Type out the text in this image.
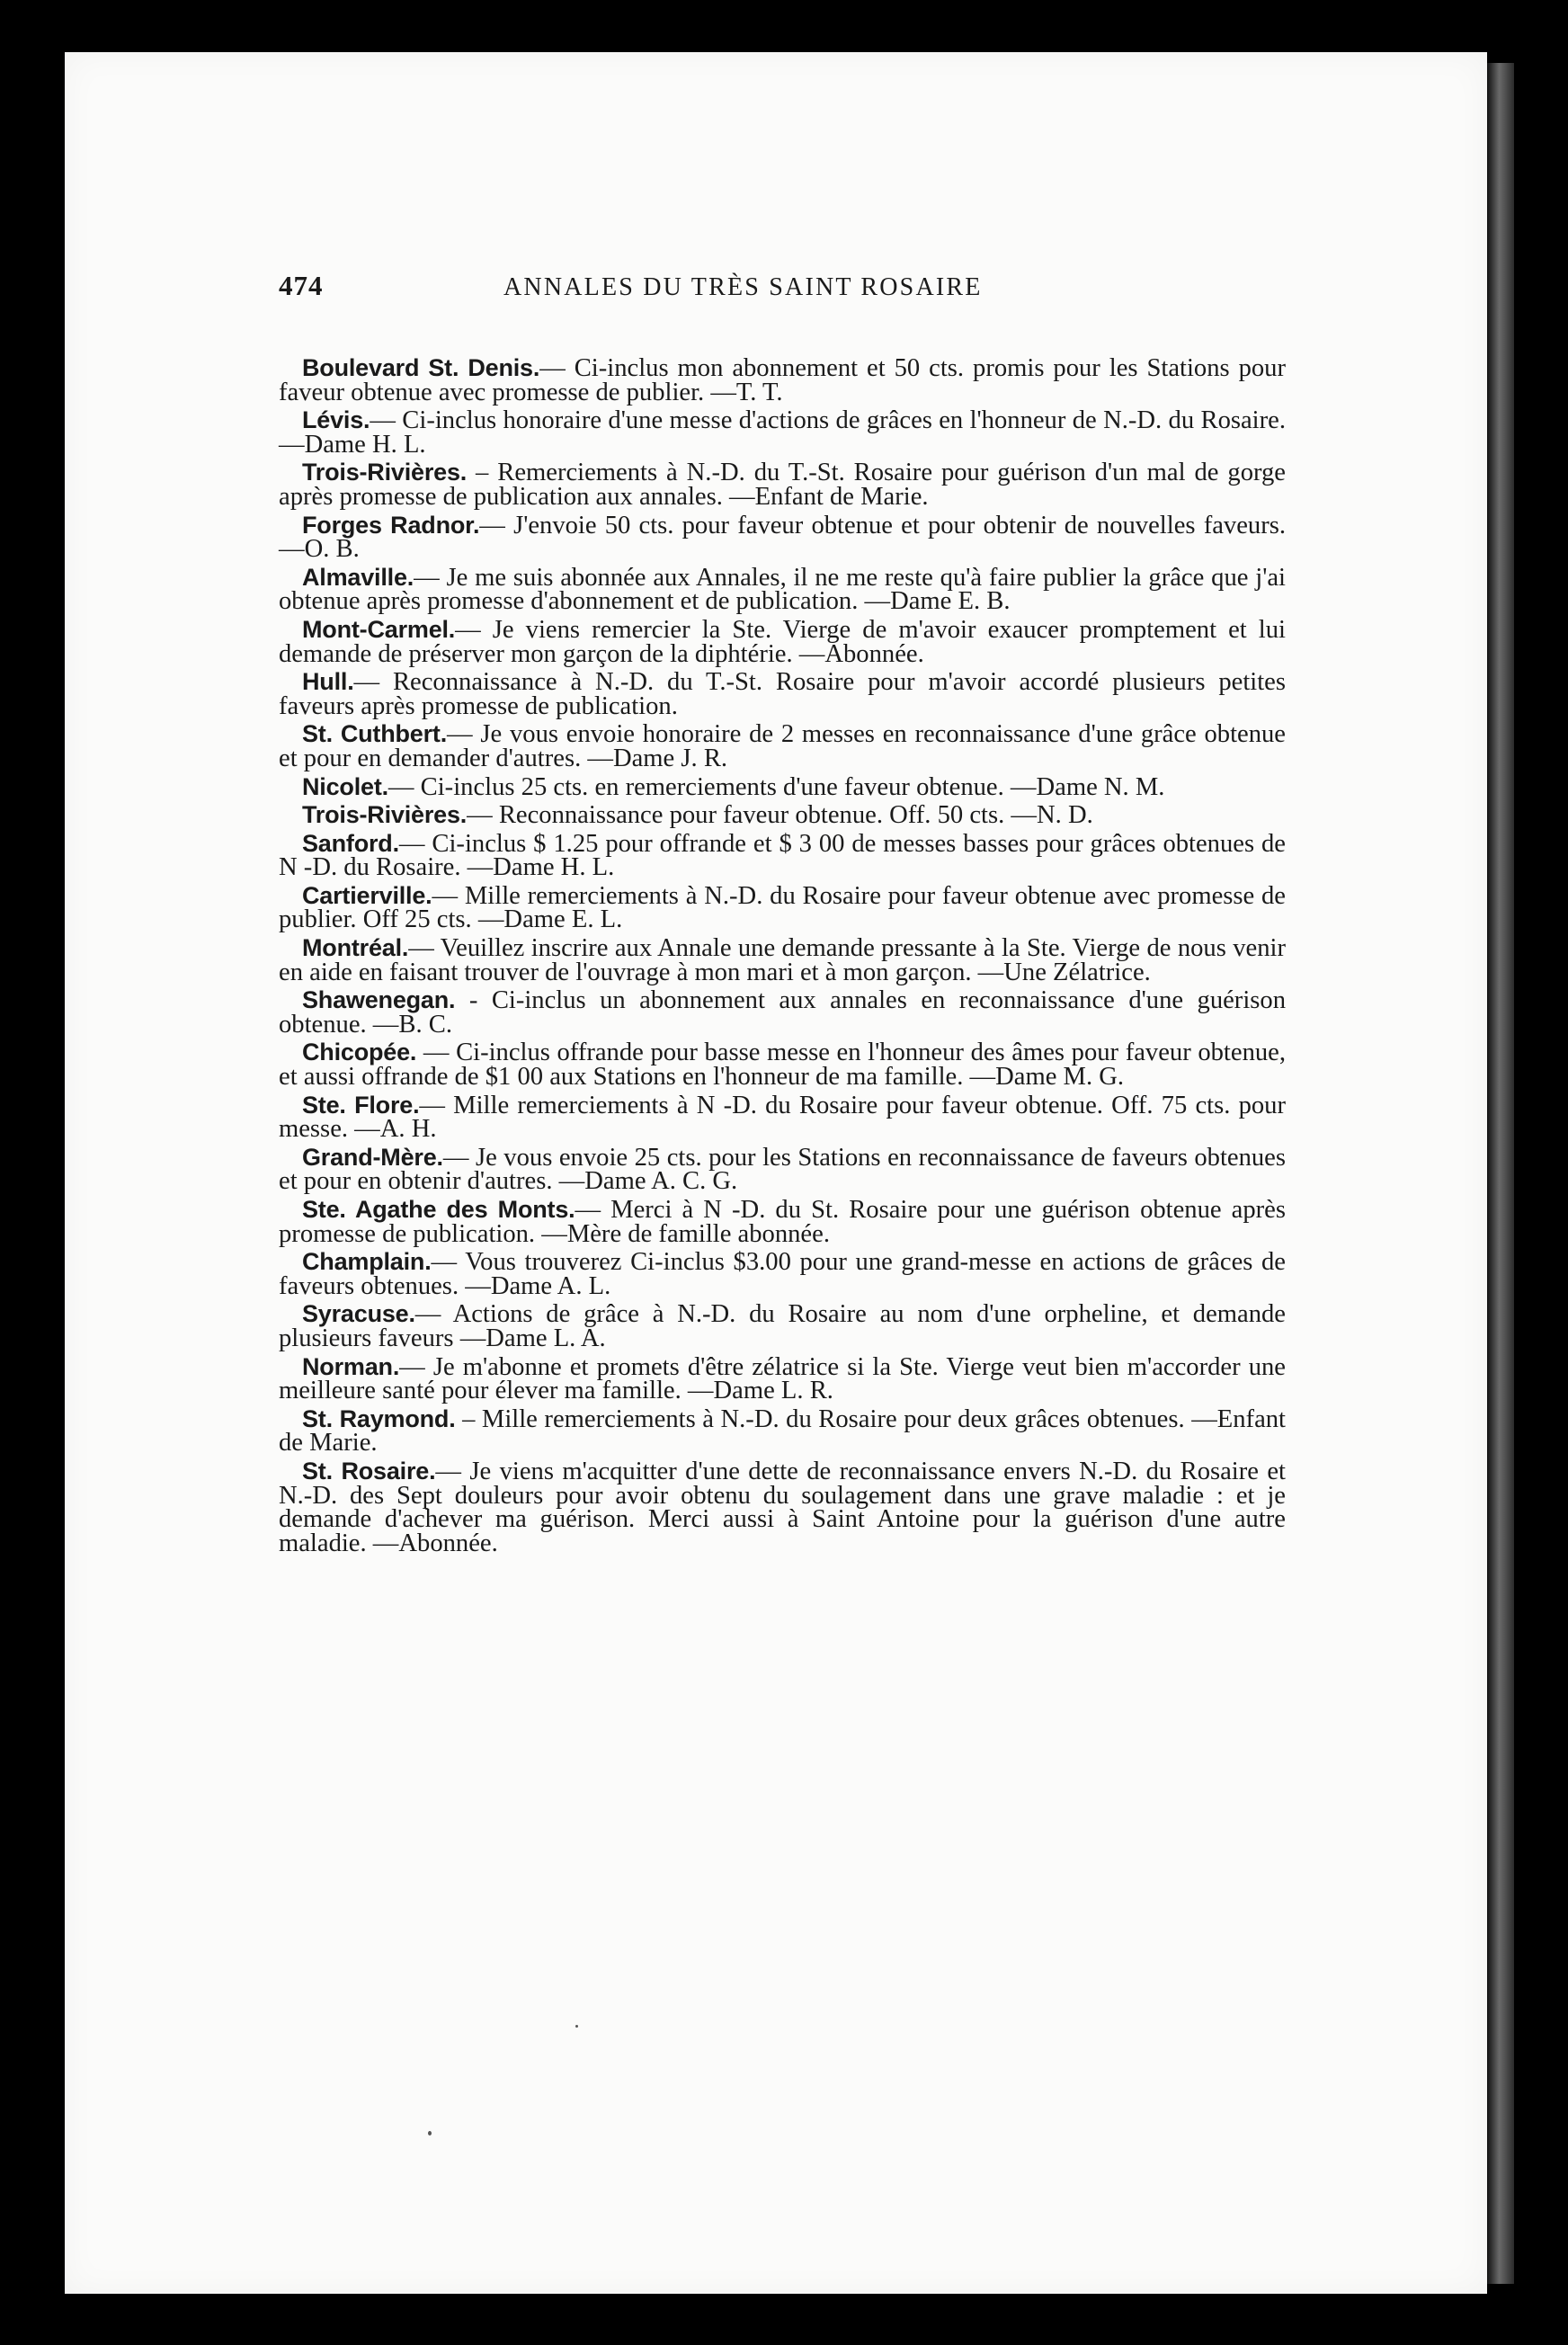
474	ANNALES DU TRÈS SAINT ROSAIRE

Boulevard St. Denis.— Ci-inclus mon abonnement et 50 cts. promis pour les Stations pour faveur obtenue avec promesse de publier. —T. T.

Lévis.— Ci-inclus honoraire d'une messe d'actions de grâces en l'honneur de N.-D. du Rosaire. —Dame H. L.

Trois-Rivières. – Remerciements à N.-D. du T.-St. Rosaire pour guérison d'un mal de gorge après promesse de publication aux annales. —Enfant de Marie.

Forges Radnor.— J'envoie 50 cts. pour faveur obtenue et pour obtenir de nouvelles faveurs. —O. B.

Almaville.— Je me suis abonnée aux Annales, il ne me reste qu'à faire publier la grâce que j'ai obtenue après promesse d'abonnement et de publication. —Dame E. B.

Mont-Carmel.— Je viens remercier la Ste. Vierge de m'avoir exaucer promptement et lui demande de préserver mon garçon de la diphtérie. —Abonnée.

Hull.— Reconnaissance à N.-D. du T.-St. Rosaire pour m'avoir accordé plusieurs petites faveurs après promesse de publication.

St. Cuthbert.— Je vous envoie honoraire de 2 messes en reconnaissance d'une grâce obtenue et pour en demander d'autres. —Dame J. R.

Nicolet.— Ci-inclus 25 cts. en remerciements d'une faveur obtenue. —Dame N. M.

Trois-Rivières.— Reconnaissance pour faveur obtenue. Off. 50 cts. —N. D.

Sanford.— Ci-inclus $ 1.25 pour offrande et $ 3 00 de messes basses pour grâces obtenues de N -D. du Rosaire. —Dame H. L.

Cartierville.— Mille remerciements à N.-D. du Rosaire pour faveur obtenue avec promesse de publier. Off 25 cts. —Dame E. L.

Montréal.— Veuillez inscrire aux Annale une demande pressante à la Ste. Vierge de nous venir en aide en faisant trouver de l'ouvrage à mon mari et à mon garçon. —Une Zélatrice.

Shawenegan. - Ci-inclus un abonnement aux annales en reconnaissance d'une guérison obtenue. —B. C.

Chicopée. — Ci-inclus offrande pour basse messe en l'honneur des âmes pour faveur obtenue, et aussi offrande de $1 00 aux Stations en l'honneur de ma famille. —Dame M. G.

Ste. Flore.— Mille remerciements à N -D. du Rosaire pour faveur obtenue. Off. 75 cts. pour messe. —A. H.

Grand-Mère.— Je vous envoie 25 cts. pour les Stations en reconnaissance de faveurs obtenues et pour en obtenir d'autres. —Dame A. C. G.

Ste. Agathe des Monts.— Merci à N -D. du St. Rosaire pour une guérison obtenue après promesse de publication. —Mère de famille abonnée.

Champlain.— Vous trouverez Ci-inclus $3.00 pour une grand-messe en actions de grâces de faveurs obtenues. —Dame A. L.

Syracuse.— Actions de grâce à N.-D. du Rosaire au nom d'une orpheline, et demande plusieurs faveurs —Dame L. A.

Norman.— Je m'abonne et promets d'être zélatrice si la Ste. Vierge veut bien m'accorder une meilleure santé pour élever ma famille. —Dame L. R.

St. Raymond. – Mille remerciements à N.-D. du Rosaire pour deux grâces obtenues. —Enfant de Marie.

St. Rosaire.— Je viens m'acquitter d'une dette de reconnaissance envers N.-D. du Rosaire et N.-D. des Sept douleurs pour avoir obtenu du soulagement dans une grave maladie : et je demande d'achever ma guérison. Merci aussi à Saint Antoine pour la guérison d'une autre maladie. —Abonnée.
